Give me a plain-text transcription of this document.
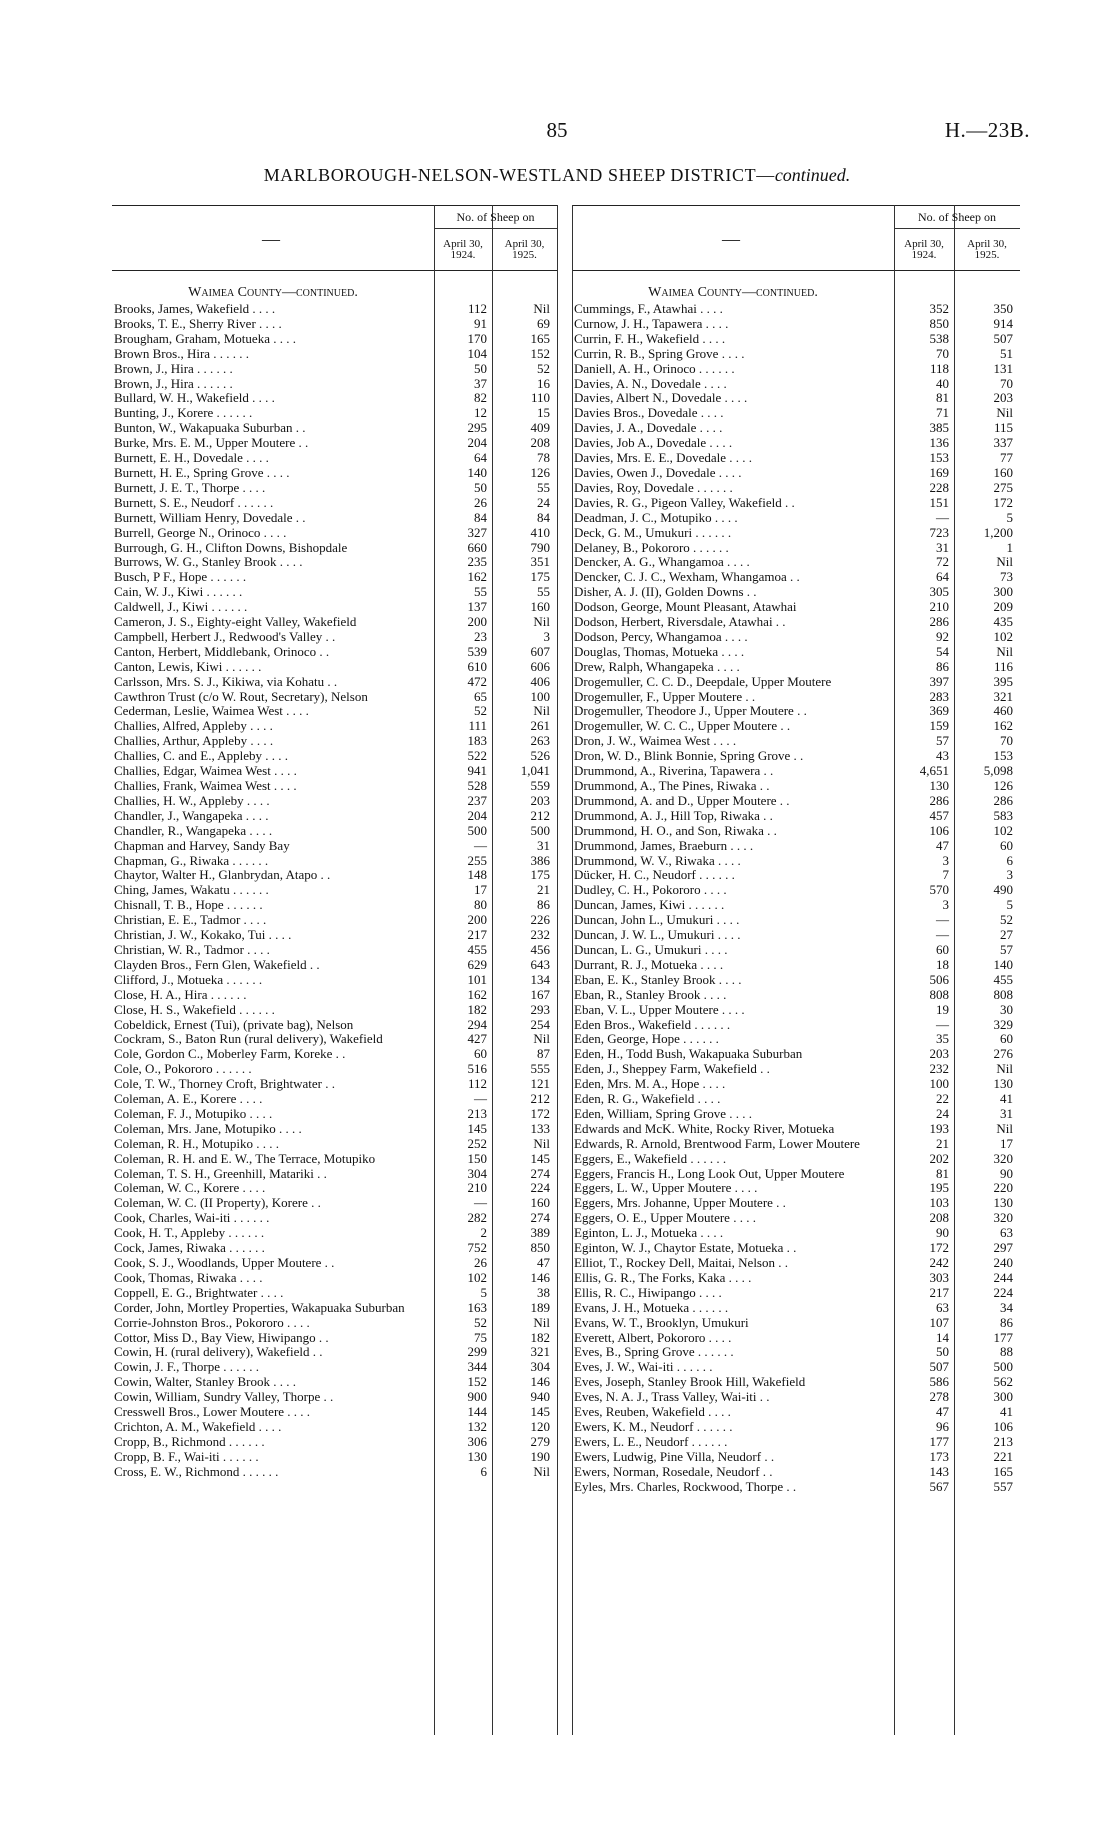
85	H.—23B.
MARLBOROUGH-NELSON-WESTLAND SHEEP DISTRICT—continued.
—
No. of Sheep on
April 30, 1924.
April 30, 1925.
Waimea County—continued.
Brooks, James, Wakefield . . . .	112	Nil
Brooks, T. E., Sherry River . . . .	91	69
Brougham, Graham, Motueka . . . .	170	165
Brown Bros., Hira . . . . . .	104	152
Brown, J., Hira . . . . . .	50	52
Brown, J., Hira . . . . . .	37	16
Bullard, W. H., Wakefield . . . .	82	110
Bunting, J., Korere . . . . . .	12	15
Bunton, W., Wakapuaka Suburban . .	295	409
Burke, Mrs. E. M., Upper Moutere . .	204	208
Burnett, E. H., Dovedale . . . .	64	78
Burnett, H. E., Spring Grove . . . .	140	126
Burnett, J. E. T., Thorpe . . . .	50	55
Burnett, S. E., Neudorf . . . . . .	26	24
Burnett, William Henry, Dovedale . .	84	84
Burrell, George N., Orinoco . . . .	327	410
Burrough, G. H., Clifton Downs, Bishopdale	660	790
Burrows, W. G., Stanley Brook . . . .	235	351
Busch, P F., Hope . . . . . .	162	175
Cain, W. J., Kiwi . . . . . .	55	55
Caldwell, J., Kiwi . . . . . .	137	160
Cameron, J. S., Eighty-eight Valley, Wakefield	200	Nil
Campbell, Herbert J., Redwood's Valley . .	23	3
Canton, Herbert, Middlebank, Orinoco . .	539	607
Canton, Lewis, Kiwi . . . . . .	610	606
Carlsson, Mrs. S. J., Kikiwa, via Kohatu . .	472	406
Cawthron Trust (c/o W. Rout, Secretary), Nelson	65	100
Cederman, Leslie, Waimea West . . . .	52	Nil
Challies, Alfred, Appleby . . . .	111	261
Challies, Arthur, Appleby . . . .	183	263
Challies, C. and E., Appleby . . . .	522	526
Challies, Edgar, Waimea West . . . .	941	1,041
Challies, Frank, Waimea West . . . .	528	559
Challies, H. W., Appleby . . . .	237	203
Chandler, J., Wangapeka . . . .	204	212
Chandler, R., Wangapeka . . . .	500	500
Chapman and Harvey, Sandy Bay	—	31
Chapman, G., Riwaka . . . . . .	255	386
Chaytor, Walter H., Glanbrydan, Atapo . .	148	175
Ching, James, Wakatu . . . . . .	17	21
Chisnall, T. B., Hope . . . . . .	80	86
Christian, E. E., Tadmor . . . .	200	226
Christian, J. W., Kokako, Tui . . . .	217	232
Christian, W. R., Tadmor . . . .	455	456
Clayden Bros., Fern Glen, Wakefield . .	629	643
Clifford, J., Motueka . . . . . .	101	134
Close, H. A., Hira . . . . . .	162	167
Close, H. S., Wakefield . . . . . .	182	293
Cobeldick, Ernest (Tui), (private bag), Nelson	294	254
Cockram, S., Baton Run (rural delivery), Wakefield	427	Nil
Cole, Gordon C., Moberley Farm, Koreke . .	60	87
Cole, O., Pokororo . . . . . .	516	555
Cole, T. W., Thorney Croft, Brightwater . .	112	121
Coleman, A. E., Korere . . . .	—	212
Coleman, F. J., Motupiko . . . .	213	172
Coleman, Mrs. Jane, Motupiko . . . .	145	133
Coleman, R. H., Motupiko . . . .	252	Nil
Coleman, R. H. and E. W., The Terrace, Motupiko	150	145
Coleman, T. S. H., Greenhill, Matariki . .	304	274
Coleman, W. C., Korere . . . .	210	224
Coleman, W. C. (II Property), Korere . .	—	160
Cook, Charles, Wai-iti . . . . . .	282	274
Cook, H. T., Appleby . . . . . .	2	389
Cock, James, Riwaka . . . . . .	752	850
Cook, S. J., Woodlands, Upper Moutere . .	26	47
Cook, Thomas, Riwaka . . . .	102	146
Coppell, E. G., Brightwater . . . .	5	38
Corder, John, Mortley Properties, Wakapuaka Suburban	163	189
Corrie-Johnston Bros., Pokororo . . . .	52	Nil
Cottor, Miss D., Bay View, Hiwipango . .	75	182
Cowin, H. (rural delivery), Wakefield . .	299	321
Cowin, J. F., Thorpe . . . . . .	344	304
Cowin, Walter, Stanley Brook . . . .	152	146
Cowin, William, Sundry Valley, Thorpe . .	900	940
Cresswell Bros., Lower Moutere . . . .	144	145
Crichton, A. M., Wakefield . . . .	132	120
Cropp, B., Richmond . . . . . .	306	279
Cropp, B. F., Wai-iti . . . . . .	130	190
Cross, E. W., Richmond . . . . . .	6	Nil
—
No. of Sheep on
April 30, 1924.
April 30, 1925.
Waimea County—continued.
Cummings, F., Atawhai . . . .	352	350
Curnow, J. H., Tapawera . . . .	850	914
Currin, F. H., Wakefield . . . .	538	507
Currin, R. B., Spring Grove . . . .	70	51
Daniell, A. H., Orinoco . . . . . .	118	131
Davies, A. N., Dovedale . . . .	40	70
Davies, Albert N., Dovedale . . . .	81	203
Davies Bros., Dovedale . . . .	71	Nil
Davies, J. A., Dovedale . . . .	385	115
Davies, Job A., Dovedale . . . .	136	337
Davies, Mrs. E. E., Dovedale . . . .	153	77
Davies, Owen J., Dovedale . . . .	169	160
Davies, Roy, Dovedale . . . . . .	228	275
Davies, R. G., Pigeon Valley, Wakefield . .	151	172
Deadman, J. C., Motupiko . . . .	—	5
Deck, G. M., Umukuri . . . . . .	723	1,200
Delaney, B., Pokororo . . . . . .	31	1
Dencker, A. G., Whangamoa . . . .	72	Nil
Dencker, C. J. C., Wexham, Whangamoa . .	64	73
Disher, A. J. (II), Golden Downs . .	305	300
Dodson, George, Mount Pleasant, Atawhai	210	209
Dodson, Herbert, Riversdale, Atawhai . .	286	435
Dodson, Percy, Whangamoa . . . .	92	102
Douglas, Thomas, Motueka . . . .	54	Nil
Drew, Ralph, Whangapeka . . . .	86	116
Drogemuller, C. C. D., Deepdale, Upper Moutere	397	395
Drogemuller, F., Upper Moutere . .	283	321
Drogemuller, Theodore J., Upper Moutere . .	369	460
Drogemuller, W. C. C., Upper Moutere . .	159	162
Dron, J. W., Waimea West . . . .	57	70
Dron, W. D., Blink Bonnie, Spring Grove . .	43	153
Drummond, A., Riverina, Tapawera . .	4,651	5,098
Drummond, A., The Pines, Riwaka . .	130	126
Drummond, A. and D., Upper Moutere . .	286	286
Drummond, A. J., Hill Top, Riwaka . .	457	583
Drummond, H. O., and Son, Riwaka . .	106	102
Drummond, James, Braeburn . . . .	47	60
Drummond, W. V., Riwaka . . . .	3	6
Dücker, H. C., Neudorf . . . . . .	7	3
Dudley, C. H., Pokororo . . . .	570	490
Duncan, James, Kiwi . . . . . .	3	5
Duncan, John L., Umukuri . . . .	—	52
Duncan, J. W. L., Umukuri . . . .	—	27
Duncan, L. G., Umukuri . . . .	60	57
Durrant, R. J., Motueka . . . .	18	140
Eban, E. K., Stanley Brook . . . .	506	455
Eban, R., Stanley Brook . . . .	808	808
Eban, V. L., Upper Moutere . . . .	19	30
Eden Bros., Wakefield . . . . . .	—	329
Eden, George, Hope . . . . . .	35	60
Eden, H., Todd Bush, Wakapuaka Suburban	203	276
Eden, J., Sheppey Farm, Wakefield . .	232	Nil
Eden, Mrs. M. A., Hope . . . .	100	130
Eden, R. G., Wakefield . . . .	22	41
Eden, William, Spring Grove . . . .	24	31
Edwards and McK. White, Rocky River, Motueka	193	Nil
Edwards, R. Arnold, Brentwood Farm, Lower Moutere	21	17
Eggers, E., Wakefield . . . . . .	202	320
Eggers, Francis H., Long Look Out, Upper Moutere	81	90
Eggers, L. W., Upper Moutere . . . .	195	220
Eggers, Mrs. Johanne, Upper Moutere . .	103	130
Eggers, O. E., Upper Moutere . . . .	208	320
Eginton, L. J., Motueka . . . .	90	63
Eginton, W. J., Chaytor Estate, Motueka . .	172	297
Elliot, T., Rockey Dell, Maitai, Nelson . .	242	240
Ellis, G. R., The Forks, Kaka . . . .	303	244
Ellis, R. C., Hiwipango . . . .	217	224
Evans, J. H., Motueka . . . . . .	63	34
Evans, W. T., Brooklyn, Umukuri	107	86
Everett, Albert, Pokororo . . . .	14	177
Eves, B., Spring Grove . . . . . .	50	88
Eves, J. W., Wai-iti . . . . . .	507	500
Eves, Joseph, Stanley Brook Hill, Wakefield	586	562
Eves, N. A. J., Trass Valley, Wai-iti . .	278	300
Eves, Reuben, Wakefield . . . .	47	41
Ewers, K. M., Neudorf . . . . . .	96	106
Ewers, L. E., Neudorf . . . . . .	177	213
Ewers, Ludwig, Pine Villa, Neudorf . .	173	221
Ewers, Norman, Rosedale, Neudorf . .	143	165
Eyles, Mrs. Charles, Rockwood, Thorpe . .	567	557
